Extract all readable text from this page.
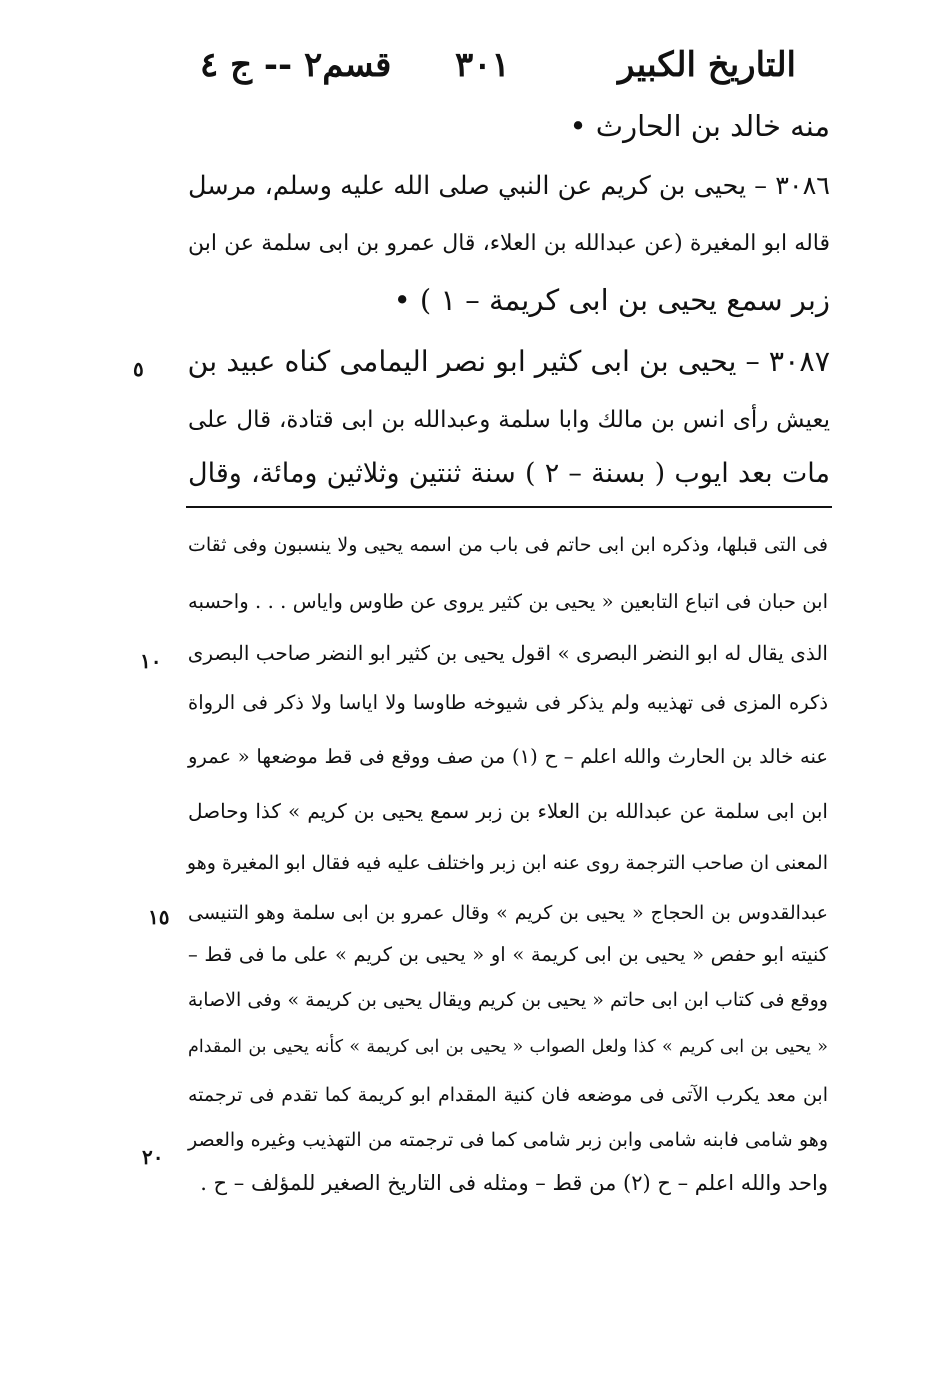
التاريخ الكبير
٣٠١
قسم٢ -- ج ٤
منه خالد بن الحارث •
٣٠٨٦ – يحيى بن كريم عن النبي صلى الله عليه وسلم، مرسل
قاله ابو المغيرة (عن عبدالله بن العلاء، قال عمرو بن ابى سلمة عن ابن
زبر سمع يحيى بن ابى كريمة – ١ ) •
٣٠٨٧ – يحيى بن ابى كثير ابو نصر اليمامى كناه عبيد بن
يعيش رأى انس بن مالك وابا سلمة وعبدالله بن ابى قتادة، قال على
مات بعد ايوب ( بسنة – ٢ ) سنة ثنتين وثلاثين ومائة، وقال
فى التى قبلها، وذكره ابن ابى حاتم فى باب من اسمه يحيى ولا ينسبون وفى ثقات
ابن حبان فى اتباع التابعين « يحيى بن كثير يروى عن طاوس واياس . . . واحسبه
الذى يقال له ابو النضر البصرى » اقول يحيى بن كثير ابو النضر صاحب البصرى
ذكره المزى فى تهذيبه ولم يذكر فى شيوخه طاوسا ولا اياسا ولا ذكر فى الرواة
عنه خالد بن الحارث والله اعلم – ح (١) من صف ووقع فى قط موضعها « عمرو
ابن ابى سلمة عن عبدالله بن العلاء بن زبر سمع يحيى بن كريم » كذا وحاصل
المعنى ان صاحب الترجمة روى عنه ابن زبر واختلف عليه فيه فقال ابو المغيرة وهو
عبدالقدوس بن الحجاج « يحيى بن كريم » وقال عمرو بن ابى سلمة وهو التنيسى
كنيته ابو حفص « يحيى بن ابى كريمة » او « يحيى بن كريم » على ما فى قط –
ووقع فى كتاب ابن ابى حاتم « يحيى بن كريم ويقال يحيى بن كريمة » وفى الاصابة
« يحيى بن ابى كريم » كذا ولعل الصواب « يحيى بن ابى كريمة » كأنه يحيى بن المقدام
ابن معد يكرب الآتى فى موضعه فان كنية المقدام ابو كريمة كما تقدم فى ترجمته
وهو شامى فابنه شامى وابن زبر شامى كما فى ترجمته من التهذيب وغيره والعصر
واحد والله اعلم – ح (٢) من قط – ومثله فى التاريخ الصغير للمؤلف – ح .
٥
١٠
١٥
٢٠
